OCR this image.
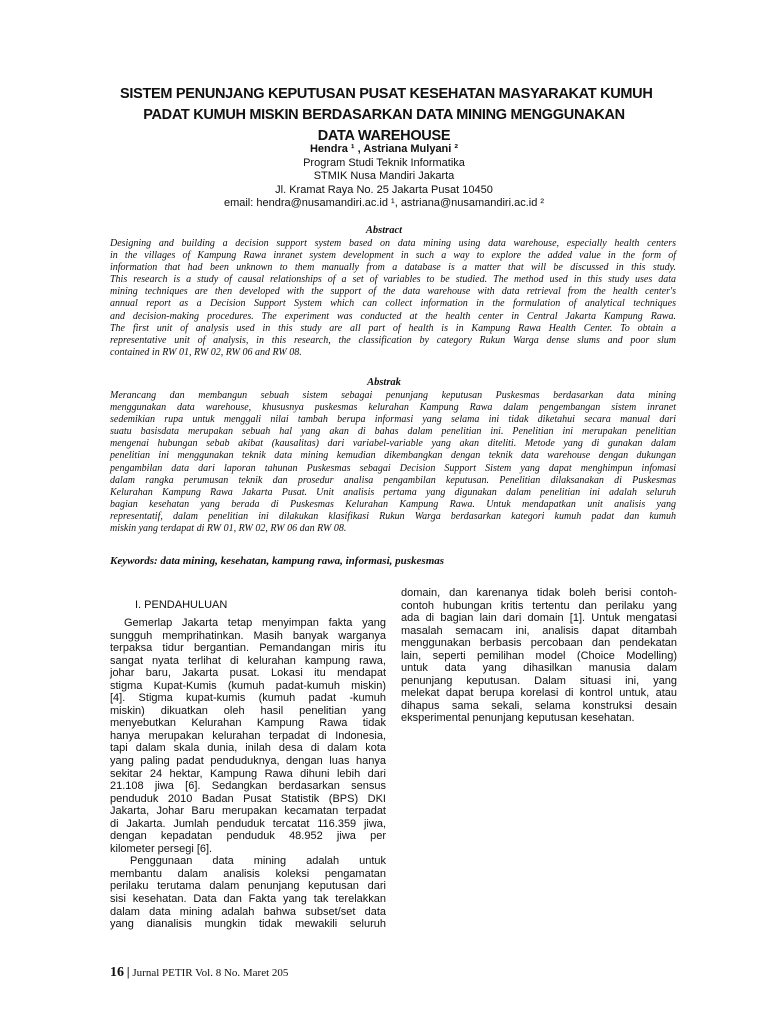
SISTEM PENUNJANG KEPUTUSAN PUSAT KESEHATAN MASYARAKAT KUMUH
PADAT KUMUH MISKIN BERDASARKAN DATA MINING MENGGUNAKAN
DATA WAREHOUSE
Hendra ¹ , Astriana Mulyani ²
Program Studi Teknik Informatika
STMIK Nusa Mandiri Jakarta
Jl. Kramat Raya No. 25 Jakarta Pusat 10450
email: hendra@nusamandiri.ac.id ¹, astriana@nusamandiri.ac.id ²
Abstract
Designing and building a decision support system based on data mining using data warehouse, especially health centers
in the villages of Kampung Rawa inranet system development in such a way to explore the added value in the form of
information that had been unknown to them manually from a database is a matter that will be discussed in this study.
This research is a study of causal relationships of a set of variables to be studied. The method used in this study uses data
mining techniques are then developed with the support of the data warehouse with data retrieval from the health center's
annual report as a Decision Support System which can collect information in the formulation of analytical techniques
and decision-making procedures. The experiment was conducted at the health center in Central Jakarta Kampung Rawa.
The first unit of analysis used in this study are all part of health is in Kampung Rawa Health Center. To obtain a
representative unit of analysis, in this research, the classification by category Rukun Warga dense slums and poor slum
contained in RW 01, RW 02, RW 06 and RW 08.
Abstrak
Merancang dan membangun sebuah sistem sebagai penunjang keputusan Puskesmas berdasarkan data mining
menggunakan data warehouse, khususnya puskesmas kelurahan Kampung Rawa dalam pengembangan sistem inranet
sedemikian rupa untuk menggali nilai tambah berupa informasi yang selama ini tidak diketahui secara manual dari
suatu basisdata merupakan sebuah hal yang akan di bahas dalam penelitian ini. Penelitian ini merupakan penelitian
mengenai hubungan sebab akibat (kausalitas) dari variabel-variable yang akan diteliti. Metode yang di gunakan dalam
penelitian ini menggunakan teknik data mining kemudian dikembangkan dengan teknik data warehouse dengan dukungan
pengambilan data dari laporan tahunan Puskesmas sebagai Decision Support Sistem yang dapat menghimpun infomasi
dalam rangka perumusan teknik dan prosedur analisa pengambilan keputusan. Penelitian dilaksanakan di Puskesmas
Kelurahan Kampung Rawa Jakarta Pusat. Unit analisis pertama yang digunakan dalam penelitian ini adalah seluruh
bagian kesehatan yang berada di Puskesmas Kelurahan Kampung Rawa. Untuk mendapatkan unit analisis yang
representatif, dalam penelitian ini dilakukan klasifikasi Rukun Warga berdasarkan kategori kumuh padat dan kumuh
miskin yang terdapat di RW 01, RW 02, RW 06 dan RW 08.
Keywords: data mining, kesehatan, kampung rawa, informasi, puskesmas
I. PENDAHULUAN
Gemerlap Jakarta tetap menyimpan fakta yang
sungguh memprihatinkan. Masih banyak warganya
terpaksa tidur bergantian. Pemandangan miris itu
sangat nyata terlihat di kelurahan kampung rawa,
johar baru, Jakarta pusat. Lokasi itu mendapat
stigma Kupat-Kumis (kumuh padat-kumuh miskin)
[4]. Stigma kupat-kumis (kumuh padat -kumuh
miskin) dikuatkan oleh hasil penelitian yang
menyebutkan Kelurahan Kampung Rawa tidak
hanya merupakan kelurahan terpadat di Indonesia,
tapi dalam skala dunia, inilah desa di dalam kota
yang paling padat penduduknya, dengan luas hanya
sekitar 24 hektar, Kampung Rawa dihuni lebih dari
21.108 jiwa [6]. Sedangkan berdasarkan sensus
penduduk 2010 Badan Pusat Statistik (BPS) DKI
Jakarta, Johar Baru merupakan kecamatan terpadat
di Jakarta. Jumlah penduduk tercatat 116.359 jiwa,
dengan kepadatan penduduk 48.952 jiwa per
kilometer persegi [6].
Penggunaan data mining adalah untuk
membantu dalam analisis koleksi pengamatan
perilaku terutama dalam penunjang keputusan dari
sisi kesehatan. Data dan Fakta yang tak terelakkan
dalam data mining adalah bahwa subset/set data
yang dianalisis mungkin tidak mewakili seluruh
domain, dan karenanya tidak boleh berisi contoh-
contoh hubungan kritis tertentu dan perilaku yang
ada di bagian lain dari domain [1]. Untuk mengatasi
masalah semacam ini, analisis dapat ditambah
menggunakan berbasis percobaan dan pendekatan
lain, seperti pemilihan model (Choice Modelling)
untuk data yang dihasilkan manusia dalam
penunjang keputusan. Dalam situasi ini, yang
melekat dapat berupa korelasi di kontrol untuk, atau
dihapus sama sekali, selama konstruksi desain
eksperimental penunjang keputusan kesehatan.
16 | Jurnal PETIR Vol. 8 No. Maret 205
